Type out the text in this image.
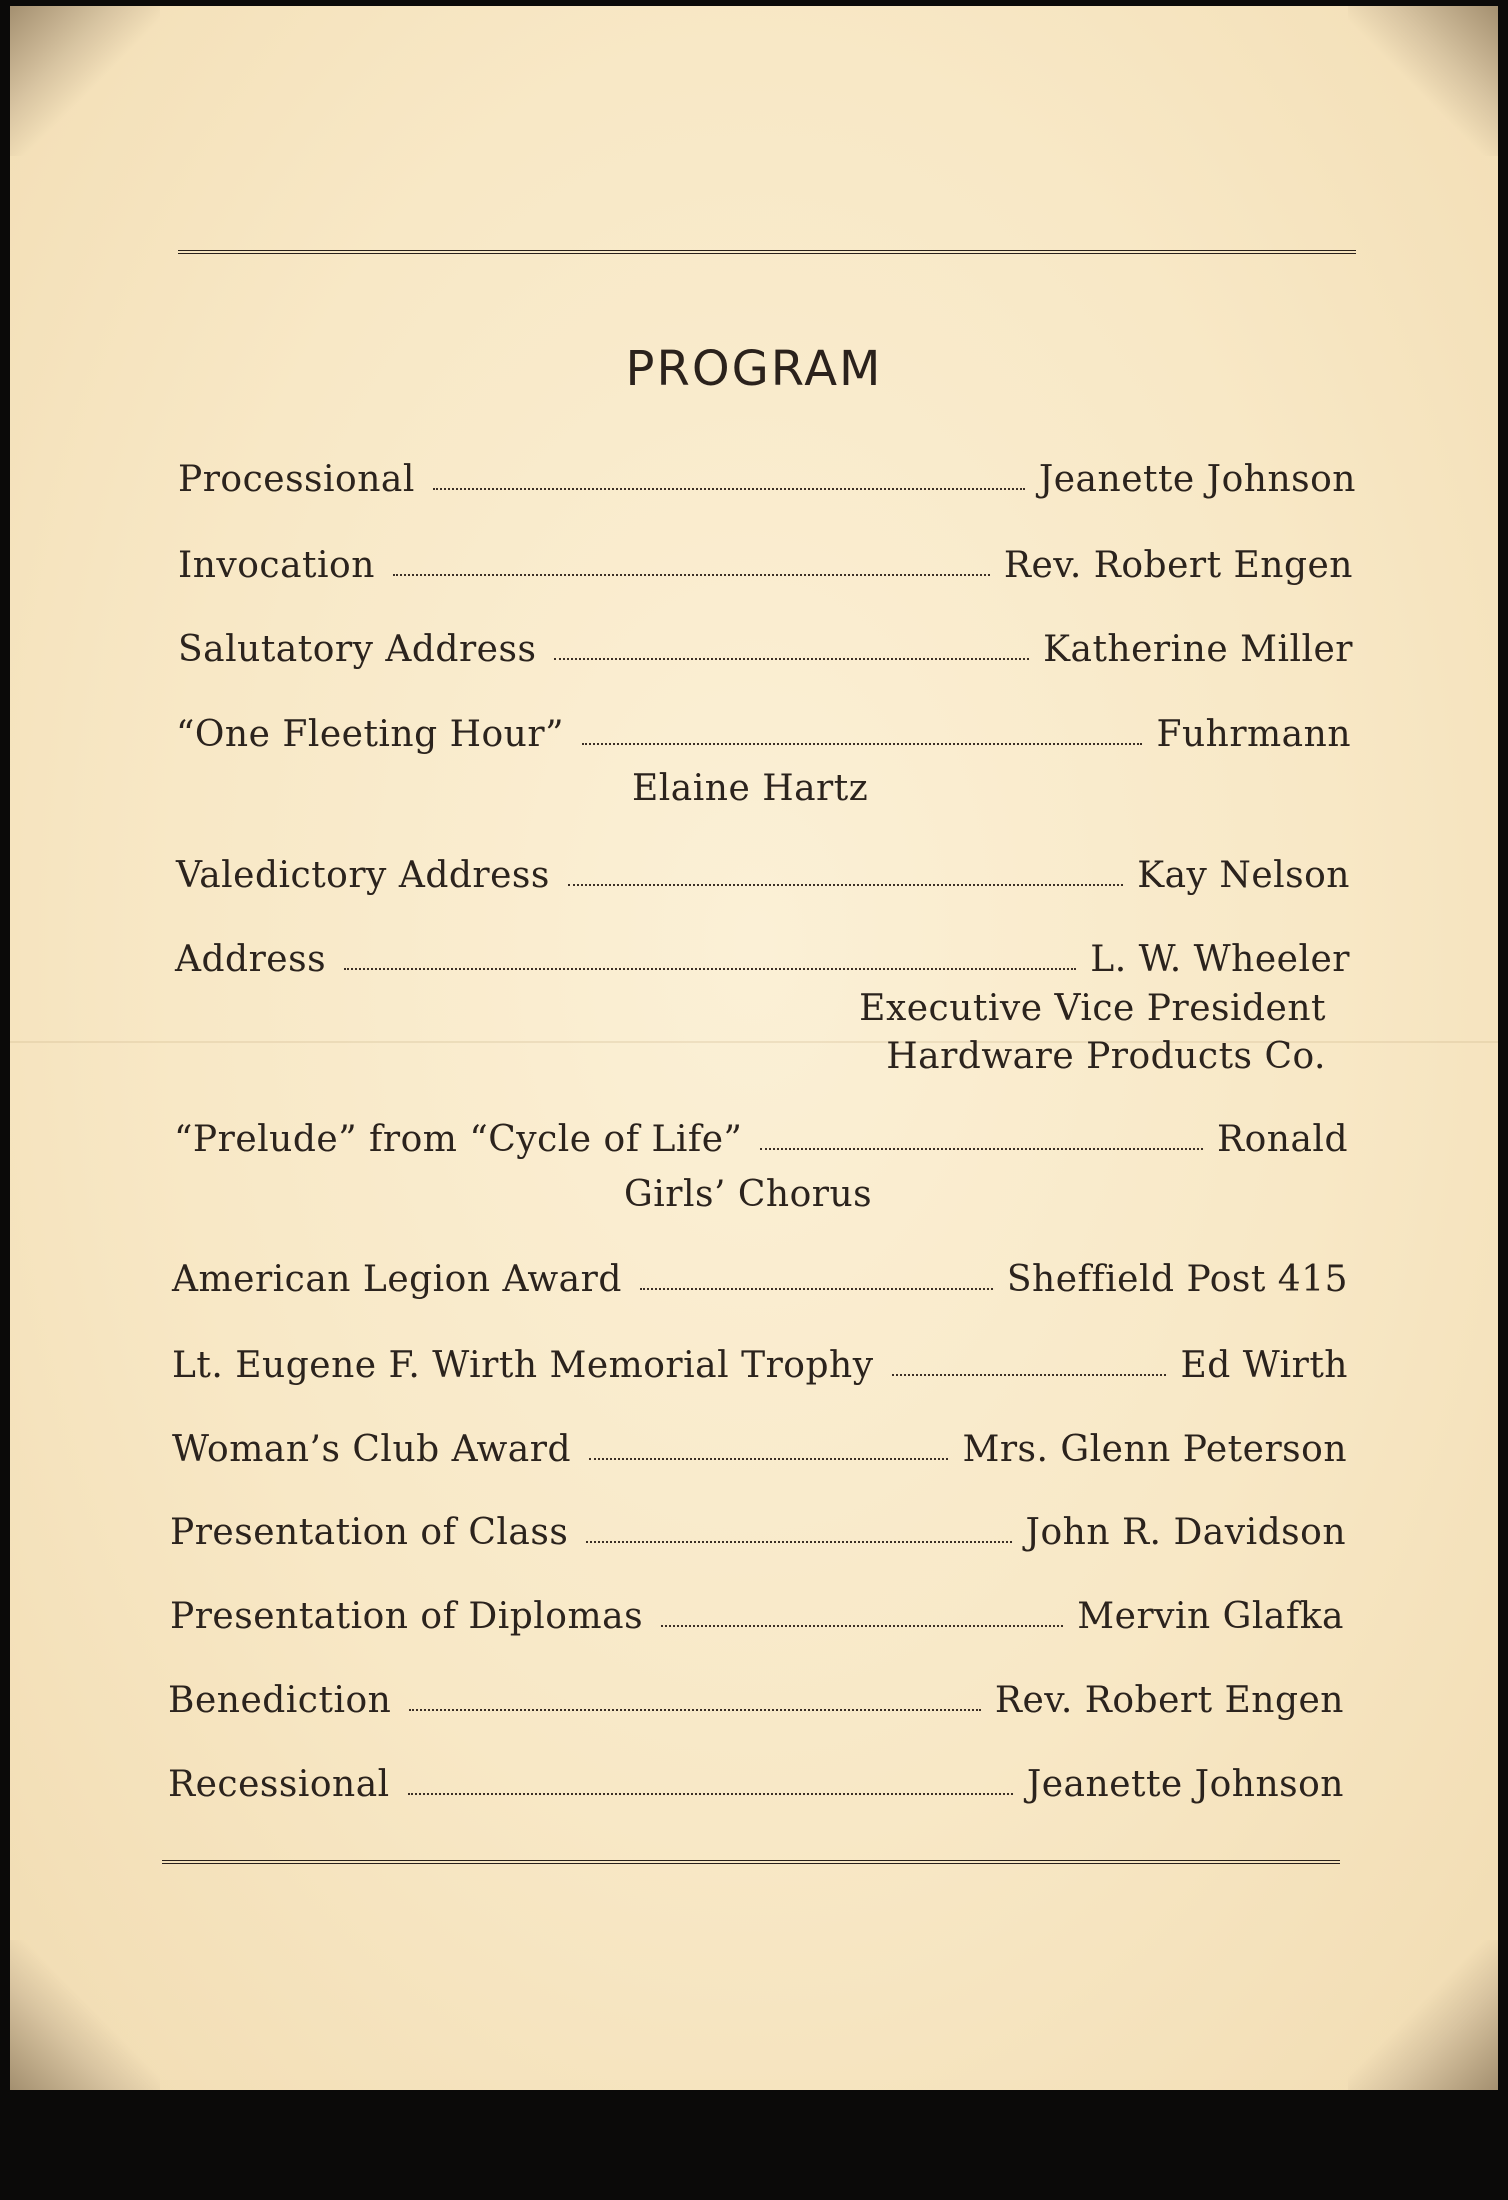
PROGRAM
Processional	Jeanette Johnson
Invocation	Rev. Robert Engen
Salutatory Address	Katherine Miller
“One Fleeting Hour”	Fuhrmann
Elaine Hartz
Valedictory Address	Kay Nelson
Address	L. W. Wheeler
Executive Vice President
Hardware Products Co.
“Prelude” from “Cycle of Life”	Ronald
Girls’ Chorus
American Legion Award	Sheffield Post 415
Lt. Eugene F. Wirth Memorial Trophy	Ed Wirth
Woman’s Club Award	Mrs. Glenn Peterson
Presentation of Class	John R. Davidson
Presentation of Diplomas	Mervin Glafka
Benediction	Rev. Robert Engen
Recessional	Jeanette Johnson
